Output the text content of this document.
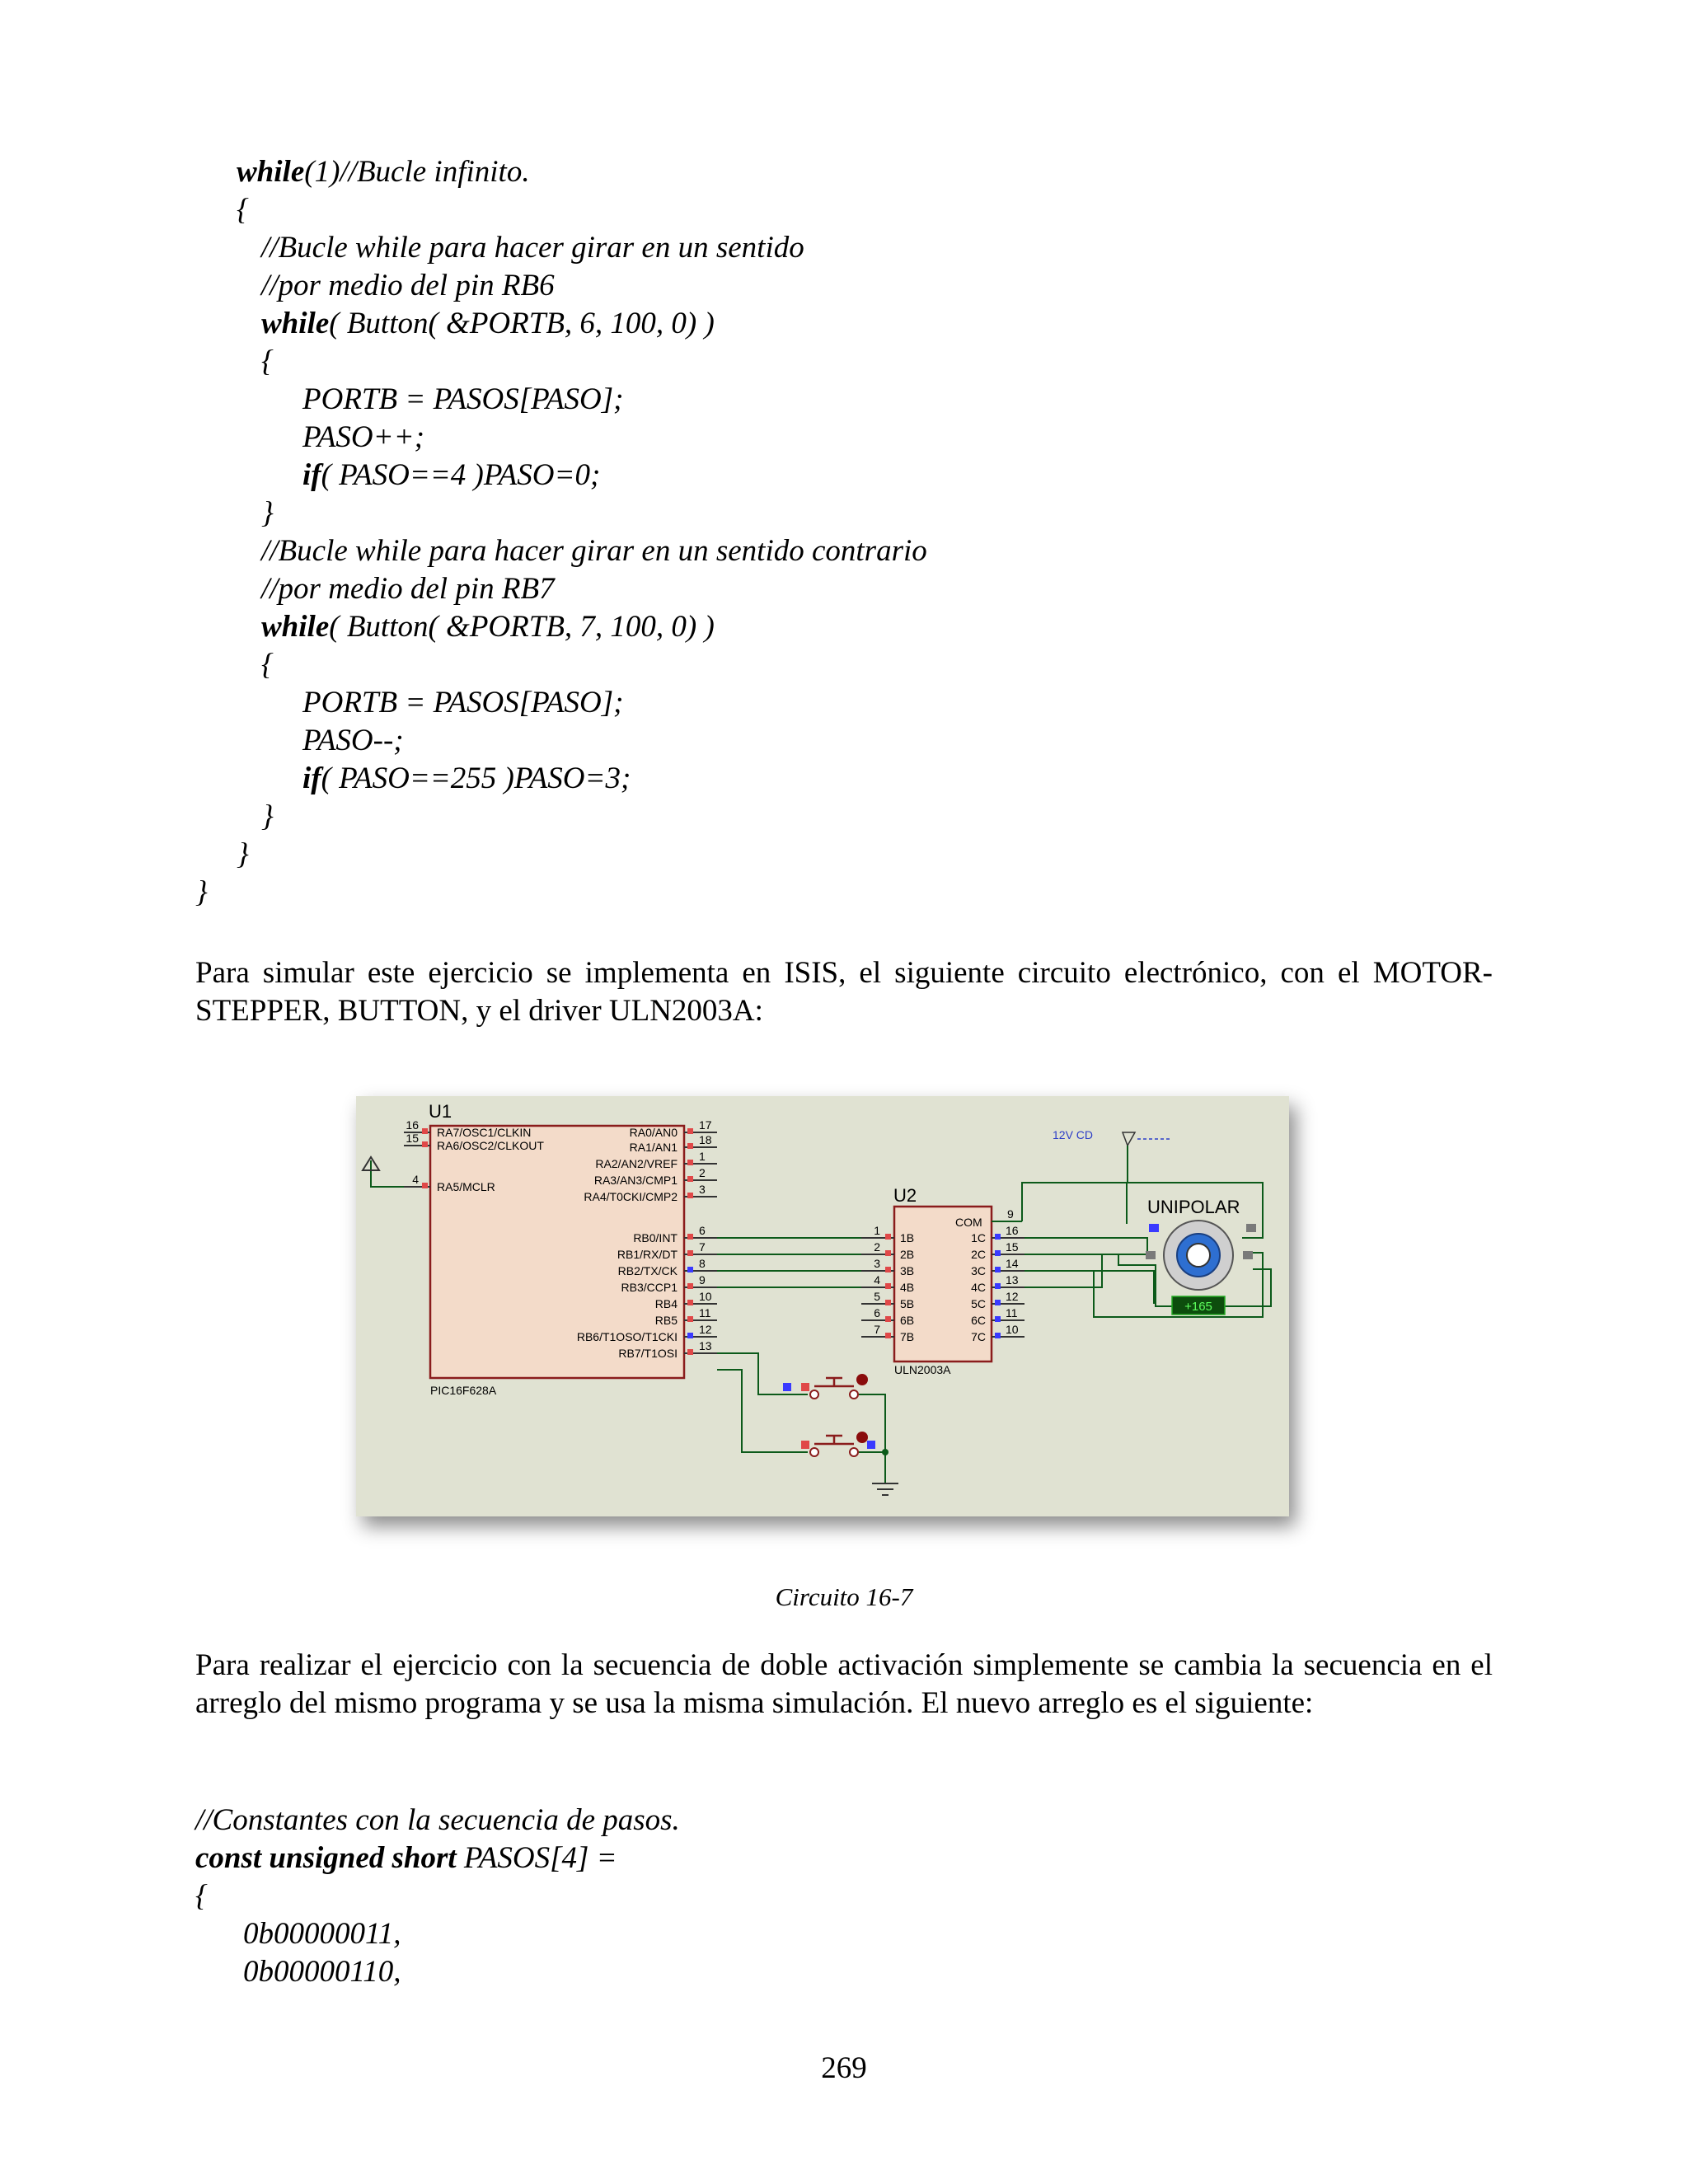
while(1)//Bucle infinito.
{
//Bucle while para hacer girar en un sentido
//por medio del pin RB6
while( Button( &PORTB, 6, 100, 0) )
{
PORTB = PASOS[PASO];
PASO++;
if( PASO==4 )PASO=0;
}
//Bucle while para hacer girar en un sentido contrario
//por medio del pin RB7
while( Button( &PORTB, 7, 100, 0) )
{
PORTB = PASOS[PASO];
PASO--;
if( PASO==255 )PASO=3;
}
}
}

Para simular este ejercicio se implementa en ISIS, el siguiente circuito electrónico, con el MOTOR-STEPPER, BUTTON, y el driver ULN2003A:

U1
PIC16F628A
16
RA7/OSC1/CLKIN
15
RA6/OSC2/CLKOUT
4
RA5/MCLR
17
RA0/AN0
18
RA1/AN1
1
RA2/AN2/VREF
2
RA3/AN3/CMP1
3
RA4/T0CKI/CMP2
6
RB0/INT
7
RB1/RX/DT
8
RB2/TX/CK
9
RB3/CCP1
10
RB4
11
RB5
12
RB6/T1OSO/T1CKI
13
RB7/T1OSI
U2
ULN2003A
COM
9
1
1B
2
2B
3
3B
4
4B
5
5B
6
6B
7
7B
16
1C
15
2C
14
3C
13
4C
12
5C
11
6C
10
7C
12V CD
UNIPOLAR
+165
Circuito 16-7

Para realizar el ejercicio con la secuencia de doble activación simplemente se cambia la secuencia en el arreglo del mismo programa y se usa la misma simulación. El nuevo arreglo es el siguiente:

//Constantes con la secuencia de pasos.
const unsigned short PASOS[4] =
{
0b00000011,
0b00000110,
269
